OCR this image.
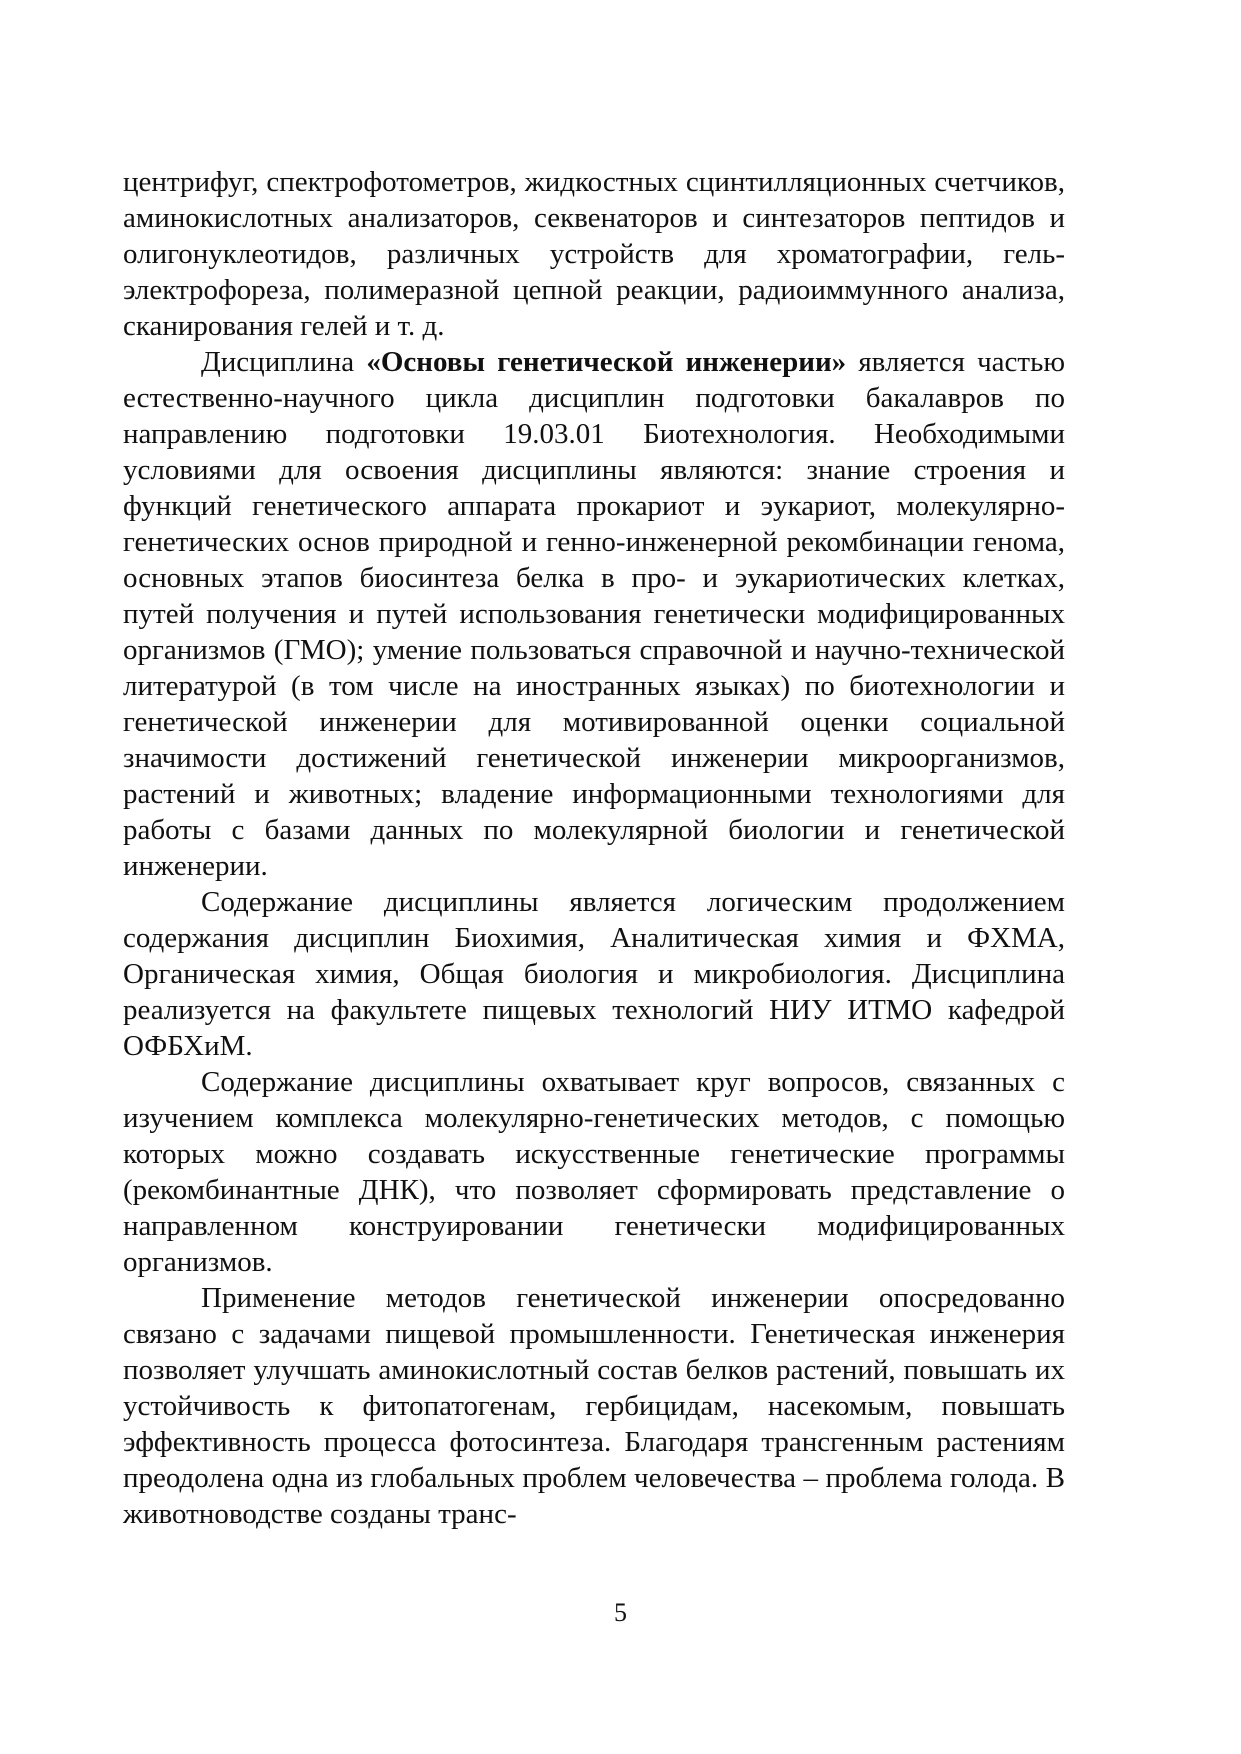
центрифуг, спектрофотометров, жидкостных сцинтилляционных счетчиков, аминокислотных анализаторов, секвенаторов и синтезаторов пептидов и олигонуклеотидов, различных устройств для хроматографии, гель-электрофореза, полимеразной цепной реакции, радиоиммунного анализа, сканирования гелей и т. д.

Дисциплина «Основы генетической инженерии» является частью естественно-научного цикла дисциплин подготовки бакалавров по направлению подготовки 19.03.01 Биотехнология. Необходимыми условиями для освоения дисциплины являются: знание строения и функций генетического аппарата прокариот и эукариот, молекулярно-генетических основ природной и генно-инженерной рекомбинации генома, основных этапов биосинтеза белка в про- и эукариотических клетках, путей получения и путей использования генетически модифицированных организмов (ГМО); умение пользоваться справочной и научно-технической литературой (в том числе на иностранных языках) по биотехнологии и генетической инженерии для мотивированной оценки социальной значимости достижений генетической инженерии микроорганизмов, растений и животных; владение информационными технологиями для работы с базами данных по молекулярной биологии и генетической инженерии.

Содержание дисциплины является логическим продолжением содержания дисциплин Биохимия, Аналитическая химия и ФХМА, Органическая химия, Общая биология и микробиология. Дисциплина реализуется на факультете пищевых технологий НИУ ИТМО кафедрой ОФБХиМ.

Содержание дисциплины охватывает круг вопросов, связанных с изучением комплекса молекулярно-генетических методов, с помощью которых можно создавать искусственные генетические программы (рекомбинантные ДНК), что позволяет сформировать представление о направленном конструировании генетически модифицированных организмов.

Применение методов генетической инженерии опосредованно связано с задачами пищевой промышленности. Генетическая инженерия позволяет улучшать аминокислотный состав белков растений, повышать их устойчивость к фитопатогенам, гербицидам, насекомым, повышать эффективность процесса фотосинтеза. Благодаря трансгенным растениям преодолена одна из глобальных проблем человечества – проблема голода. В животноводстве созданы транс-

5
